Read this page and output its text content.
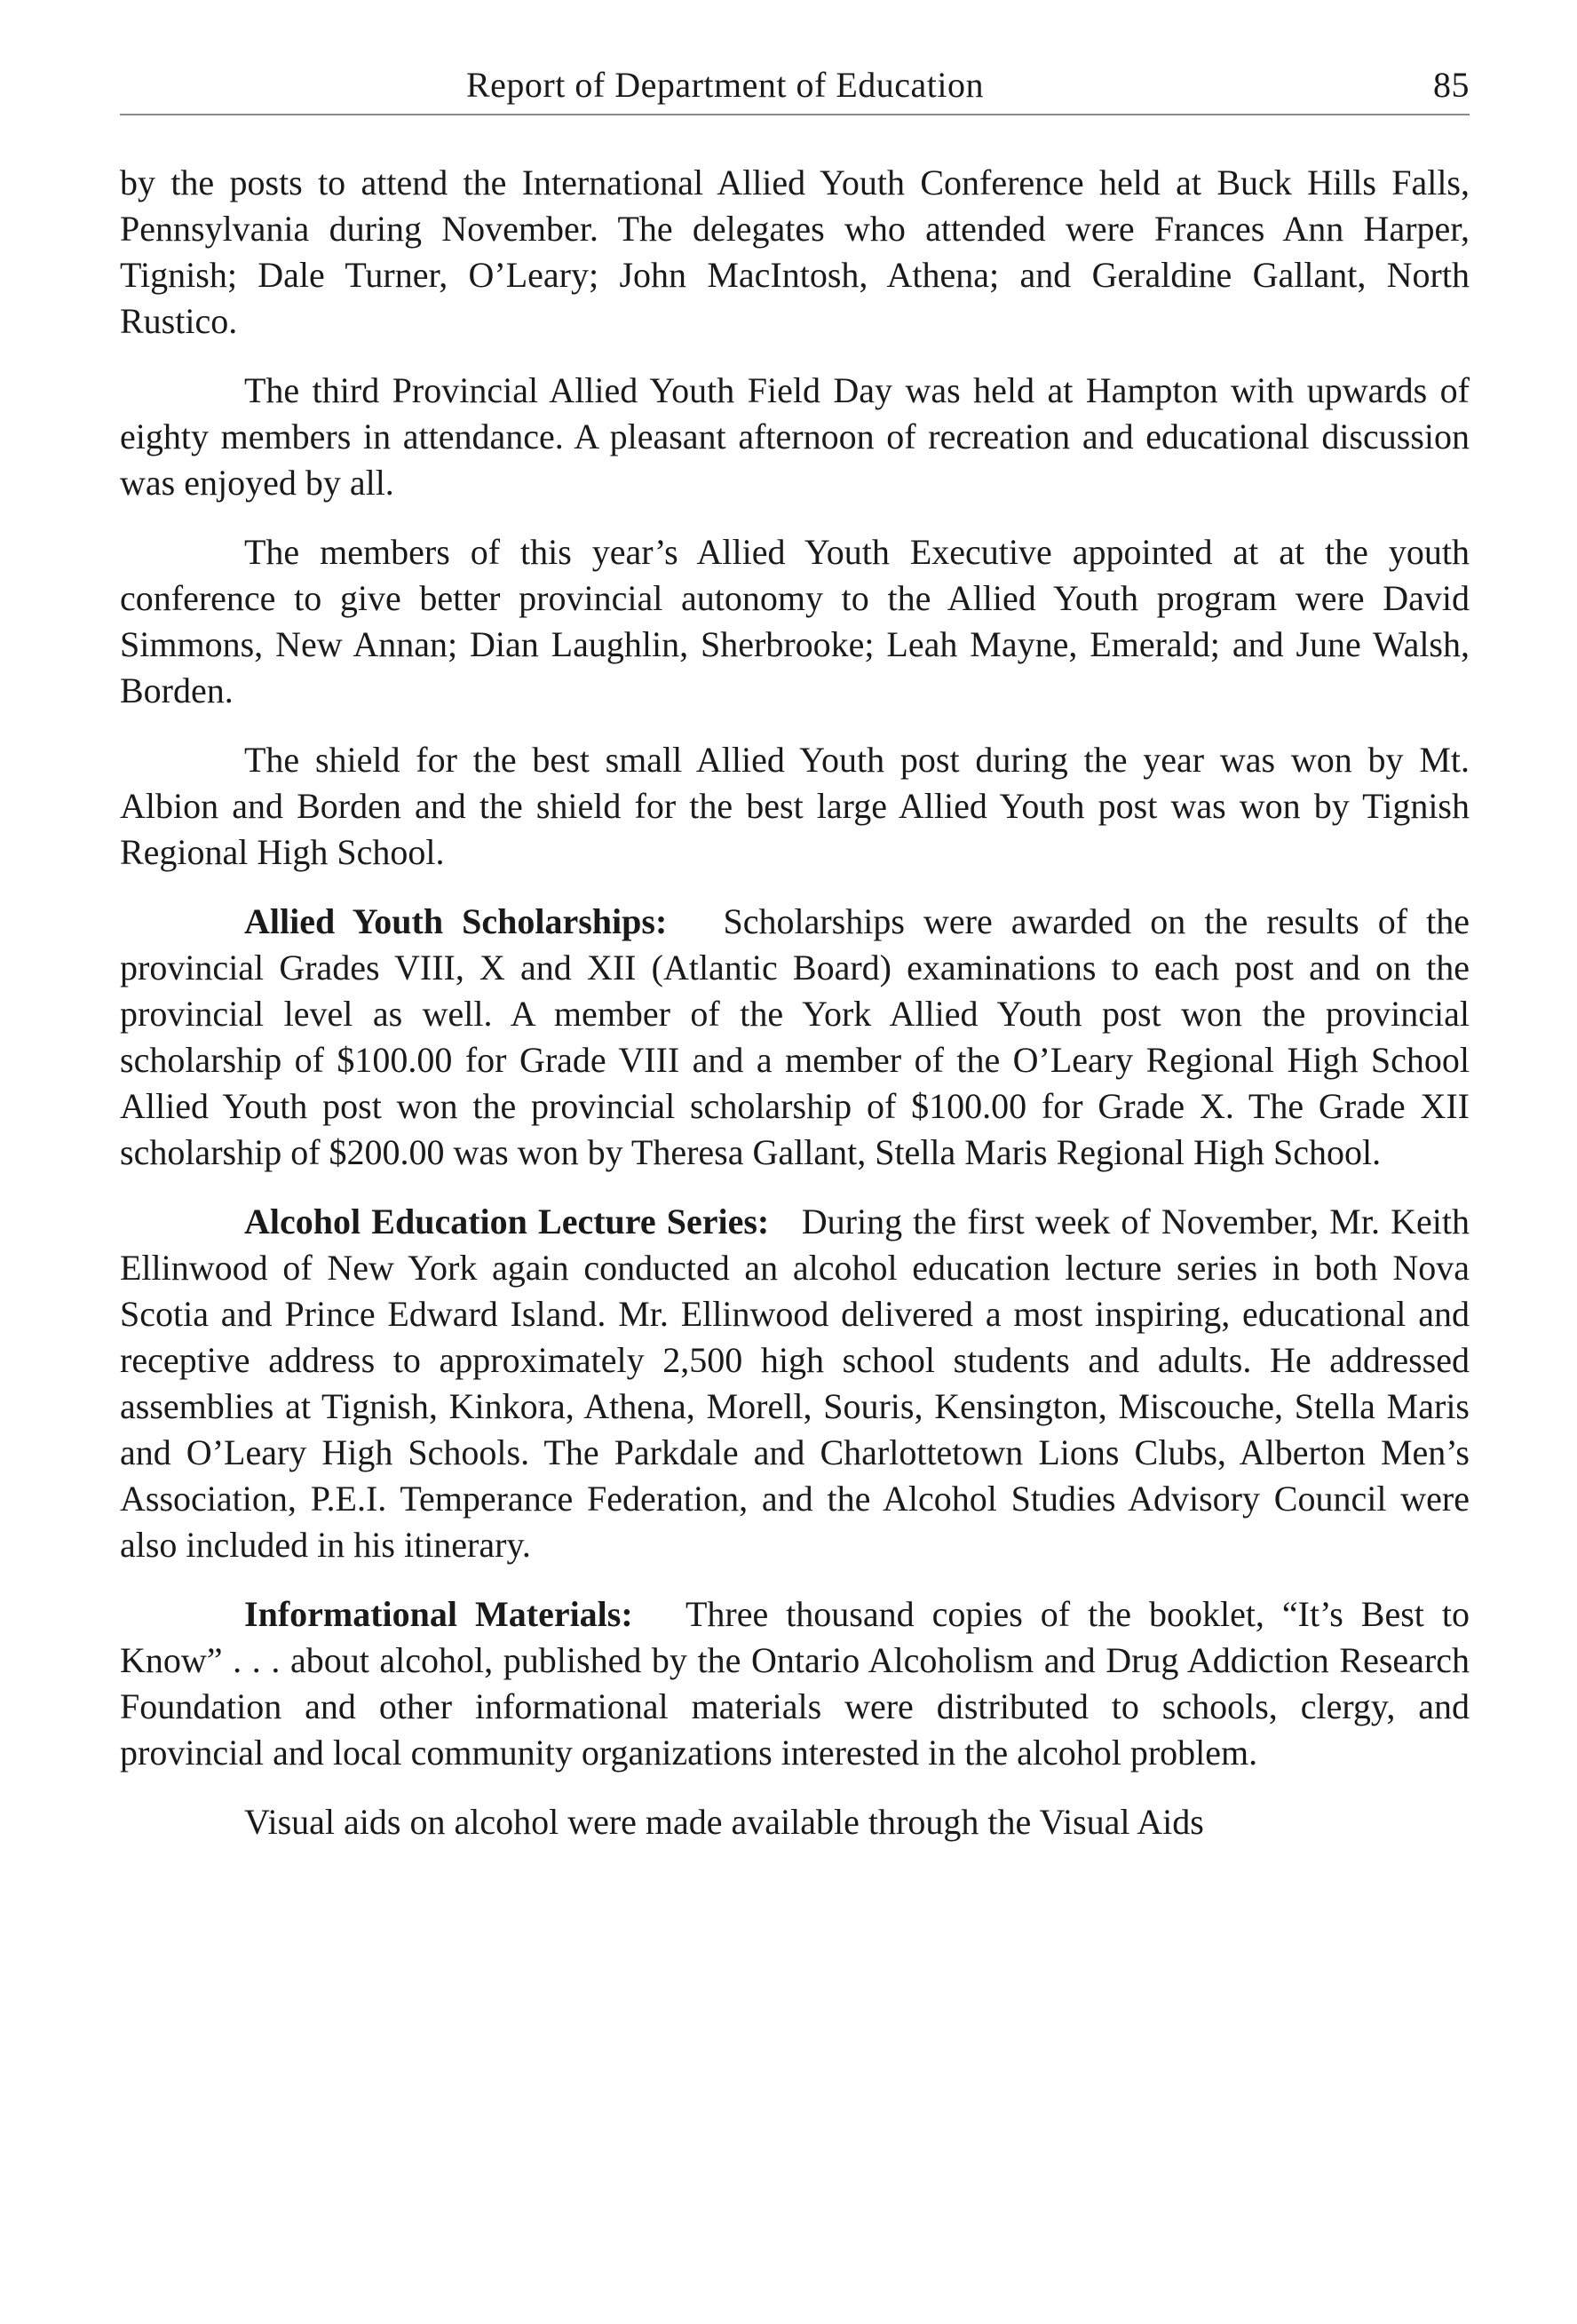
Report of Department of Education	85

by the posts to attend the International Allied Youth Conference held at Buck Hills Falls, Pennsylvania during November. The delegates who attended were Frances Ann Harper, Tignish; Dale Turner, O’Leary; John MacIntosh, Athena; and Geraldine Gallant, North Rustico.

The third Provincial Allied Youth Field Day was held at Hampton with upwards of eighty members in attendance. A pleasant afternoon of recreation and educational discussion was enjoyed by all.

The members of this year’s Allied Youth Executive appointed at at the youth conference to give better provincial autonomy to the Allied Youth program were David Simmons, New Annan; Dian Laughlin, Sherbrooke; Leah Mayne, Emerald; and June Walsh, Borden.

The shield for the best small Allied Youth post during the year was won by Mt. Albion and Borden and the shield for the best large Allied Youth post was won by Tignish Regional High School.

Allied Youth Scholarships:   Scholarships were awarded on the results of the provincial Grades VIII, X and XII (Atlantic Board) examinations to each post and on the provincial level as well. A member of the York Allied Youth post won the provincial scholarship of $100.00 for Grade VIII and a member of the O’Leary Regional High School Allied Youth post won the provincial scholarship of $100.00 for Grade X. The Grade XII scholarship of $200.00 was won by Theresa Gallant, Stella Maris Regional High School.

Alcohol Education Lecture Series:   During the first week of November, Mr. Keith Ellinwood of New York again conducted an alcohol education lecture series in both Nova Scotia and Prince Edward Island. Mr. Ellinwood delivered a most inspiring, educational and receptive address to approximately 2,500 high school students and adults. He addressed assemblies at Tignish, Kinkora, Athena, Morell, Souris, Kensington, Miscouche, Stella Maris and O’Leary High Schools. The Parkdale and Charlottetown Lions Clubs, Alberton Men’s Association, P.E.I. Temperance Federation, and the Alcohol Studies Advisory Council were also included in his itinerary.

Informational Materials:   Three thousand copies of the booklet, “It’s Best to Know” . . . about alcohol, published by the Ontario Alcoholism and Drug Addiction Research Foundation and other informational materials were distributed to schools, clergy, and provincial and local community organizations interested in the alcohol problem.

Visual aids on alcohol were made available through the Visual Aids
